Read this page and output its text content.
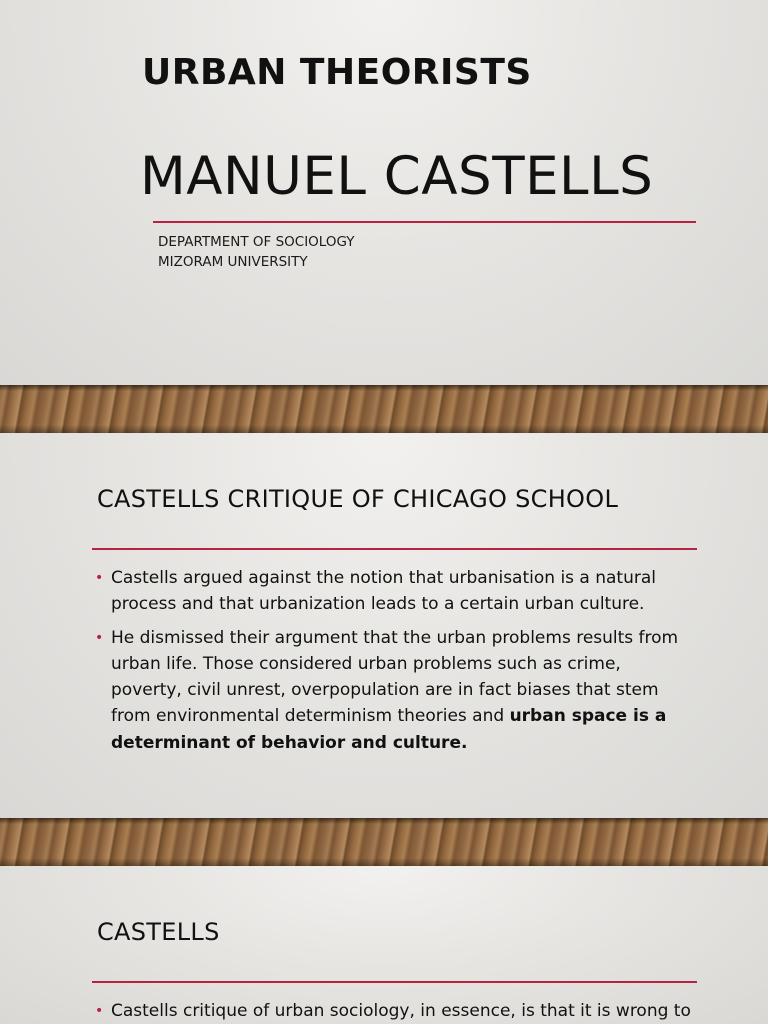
URBAN THEORISTS
MANUEL CASTELLS
DEPARTMENT OF SOCIOLOGY
MIZORAM UNIVERSITY
CASTELLS CRITIQUE OF CHICAGO SCHOOL
• Castells argued against the notion that urbanisation is a natural process and that urbanization leads to a certain urban culture.
• He dismissed their argument that the urban problems results from urban life. Those considered urban problems such as crime, poverty, civil unrest, overpopulation are in fact biases that stem from environmental determinism theories and urban space is a determinant of behavior and culture.
CASTELLS
• Castells critique of urban sociology, in essence, is that it is wrong to
